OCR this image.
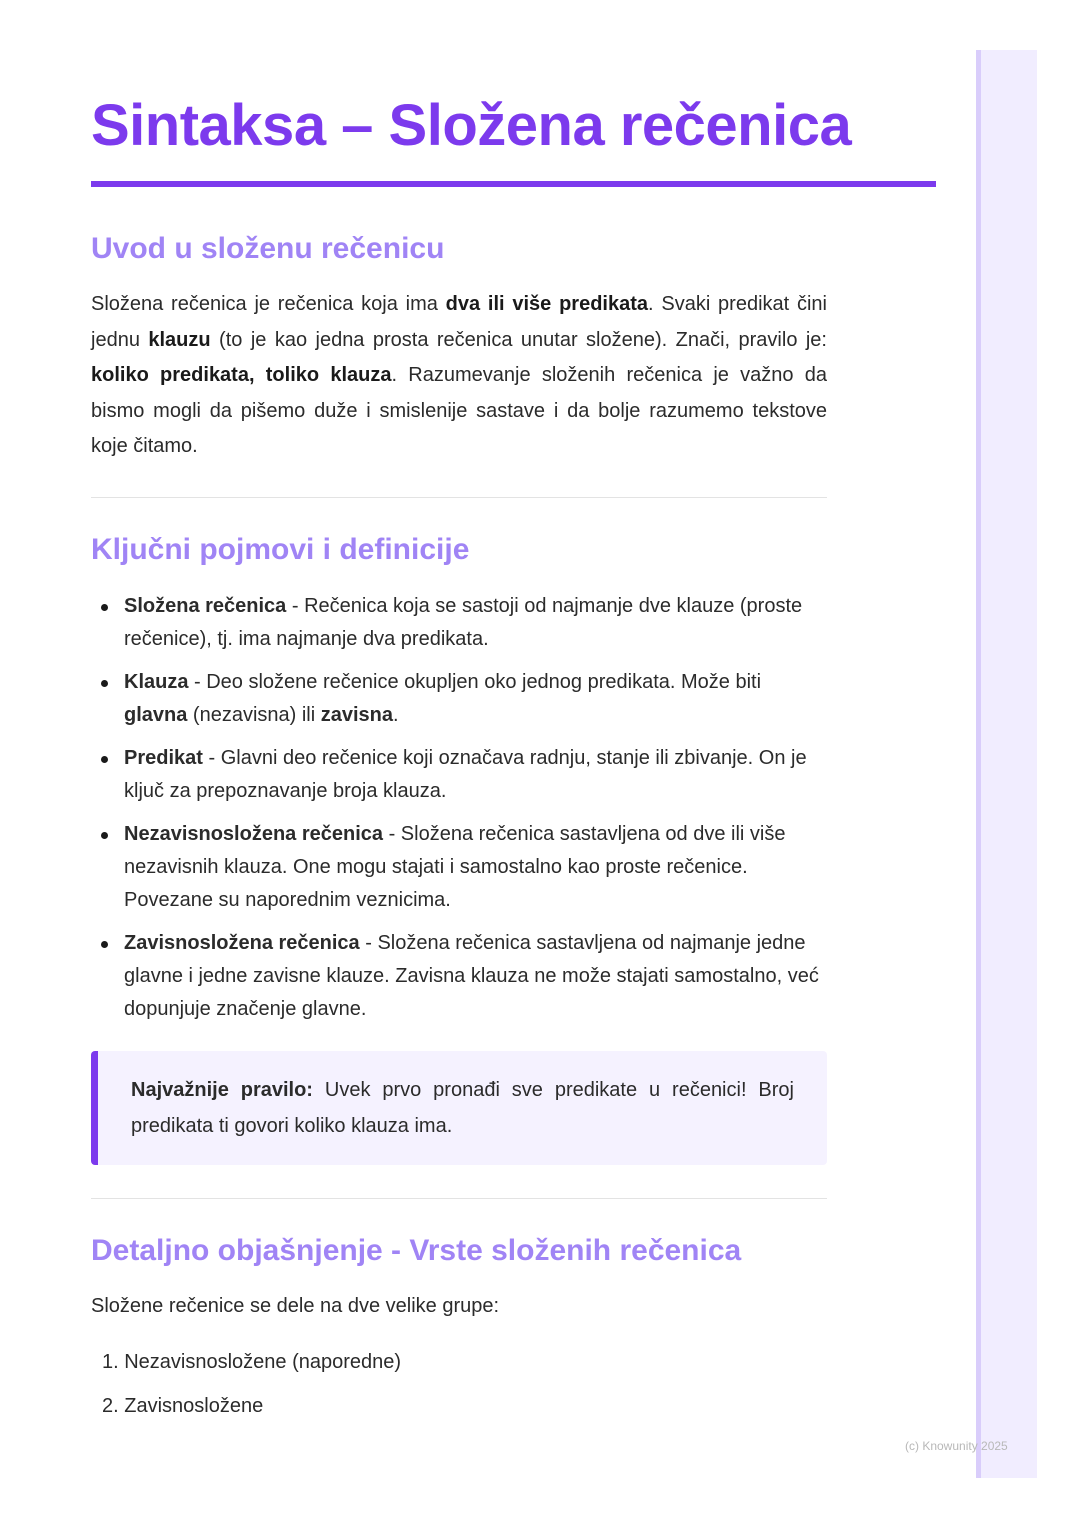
Sintaksa – Složena rečenica
Uvod u složenu rečenicu

Složena rečenica je rečenica koja ima dva ili više predikata. Svaki predikat čini jednu klauzu (to je kao jedna prosta rečenica unutar složene). Znači, pravilo je: koliko predikata, toliko klauza. Razumevanje složenih rečenica je važno da bismo mogli da pišemo duže i smislenije sastave i da bolje razumemo tekstove koje čitamo.

Ključni pojmovi i definicije
Složena rečenica - Rečenica koja se sastoji od najmanje dve klauze (proste rečenice), tj. ima najmanje dva predikata.
Klauza - Deo složene rečenice okupljen oko jednog predikata. Može biti glavna (nezavisna) ili zavisna.
Predikat - Glavni deo rečenice koji označava radnju, stanje ili zbivanje. On je ključ za prepoznavanje broja klauza.
Nezavisnosložena rečenica - Složena rečenica sastavljena od dve ili više nezavisnih klauza. One mogu stajati i samostalno kao proste rečenice. Povezane su naporednim veznicima.
Zavisnosložena rečenica - Složena rečenica sastavljena od najmanje jedne glavne i jedne zavisne klauze. Zavisna klauza ne može stajati samostalno, već dopunjuje značenje glavne.

Najvažnije pravilo: Uvek prvo pronađi sve predikate u rečenici! Broj predikata ti govori koliko klauza ima.

Detaljno objašnjenje - Vrste složenih rečenica

Složene rečenice se dele na dve velike grupe:

1. Nezavisnosložene (naporedne)
2. Zavisnosložene
(c) Knowunity 2025
